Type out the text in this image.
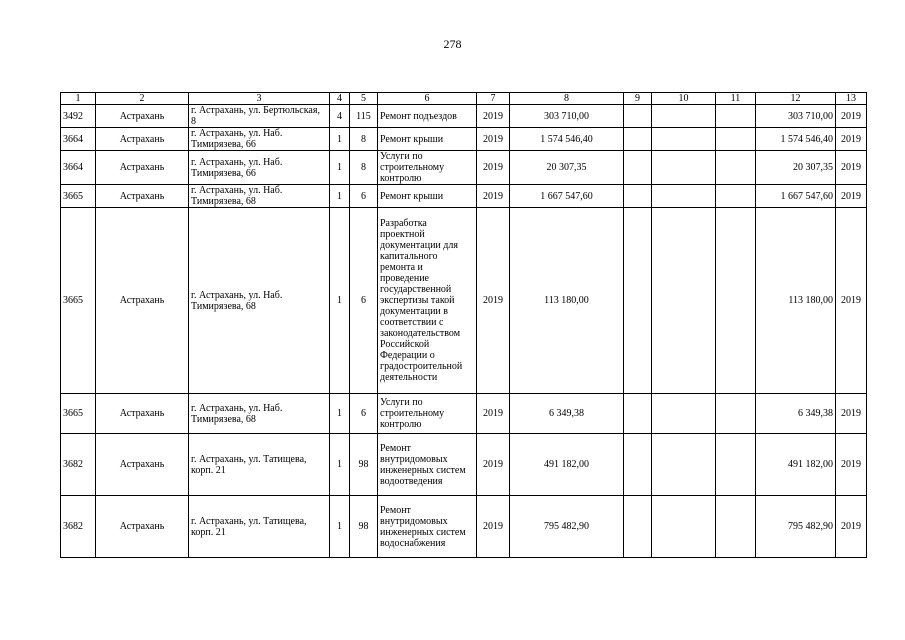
278
1	2	3	4	5	6	7	8	9	10	11	12	13
3492	Астрахань	г. Астрахань, ул. Бертюльская, 8	4	115	Ремонт подъездов	2019	303 710,00				303 710,00	2019
3664	Астрахань	г. Астрахань, ул. Наб. Тимирязева, 66	1	8	Ремонт крыши	2019	1 574 546,40				1 574 546,40	2019
3664	Астрахань	г. Астрахань, ул. Наб. Тимирязева, 66	1	8	Услуги по строительному контролю	2019	20 307,35				20 307,35	2019
3665	Астрахань	г. Астрахань, ул. Наб. Тимирязева, 68	1	6	Ремонт крыши	2019	1 667 547,60				1 667 547,60	2019
3665	Астрахань	г. Астрахань, ул. Наб. Тимирязева, 68	1	6	Разработка проектной документации для капитального ремонта и проведение государственной экспертизы такой документации в соответствии с законодательством Российской Федерации о градостроительной деятельности	2019	113 180,00				113 180,00	2019
3665	Астрахань	г. Астрахань, ул. Наб. Тимирязева, 68	1	6	Услуги по строительному контролю	2019	6 349,38				6 349,38	2019
3682	Астрахань	г. Астрахань, ул. Татищева, корп. 21	1	98	Ремонт внутридомовых инженерных систем водоотведения	2019	491 182,00				491 182,00	2019
3682	Астрахань	г. Астрахань, ул. Татищева, корп. 21	1	98	Ремонт внутридомовых инженерных систем водоснабжения	2019	795 482,90				795 482,90	2019
